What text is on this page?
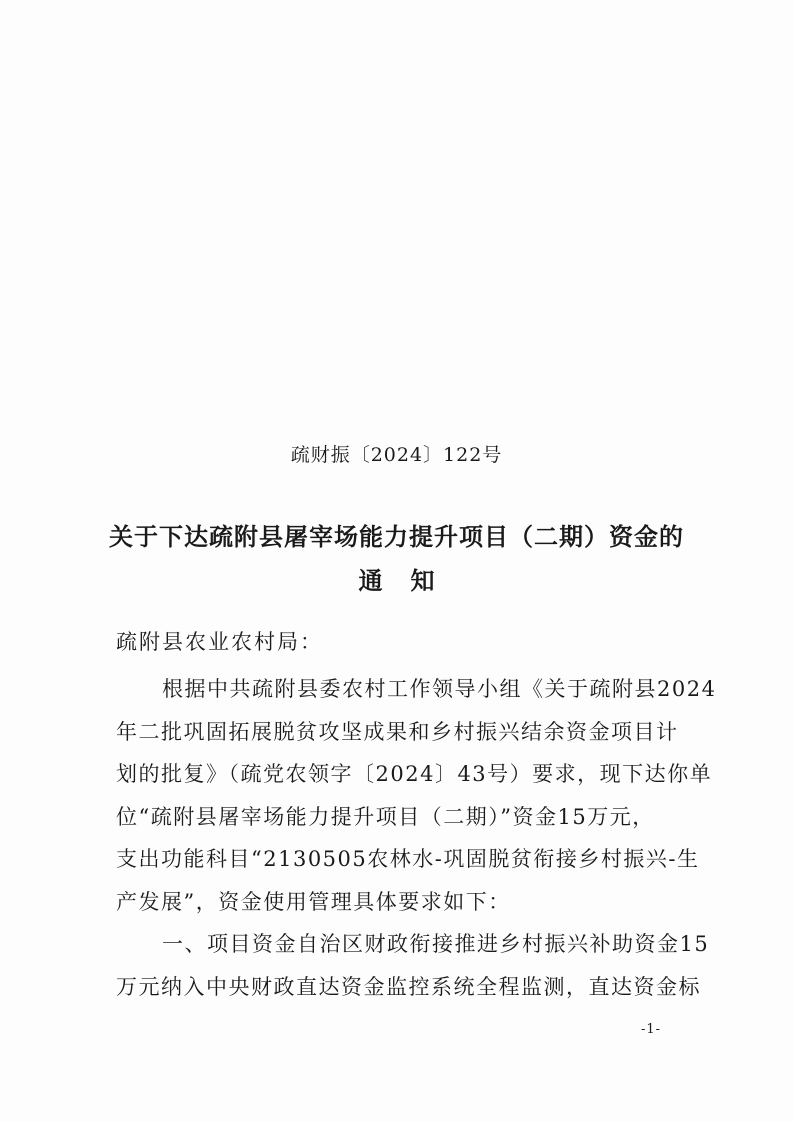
疏财振〔2024〕122号
关于下达疏附县屠宰场能力提升项目（二期）资金的
通知
疏附县农业农村局：
根据中共疏附县委农村工作领导小组《关于疏附县2024
年二批巩固拓展脱贫攻坚成果和乡村振兴结余资金项目计
划的批复》（疏党农领字〔2024〕43号）要求，现下达你单
位“疏附县屠宰场能力提升项目（二期）”资金15万元，
支出功能科目“2130505农林水-巩固脱贫衔接乡村振兴-生
产发展”，资金使用管理具体要求如下：
一、项目资金自治区财政衔接推进乡村振兴补助资金15
万元纳入中央财政直达资金监控系统全程监测，直达资金标
-1-
